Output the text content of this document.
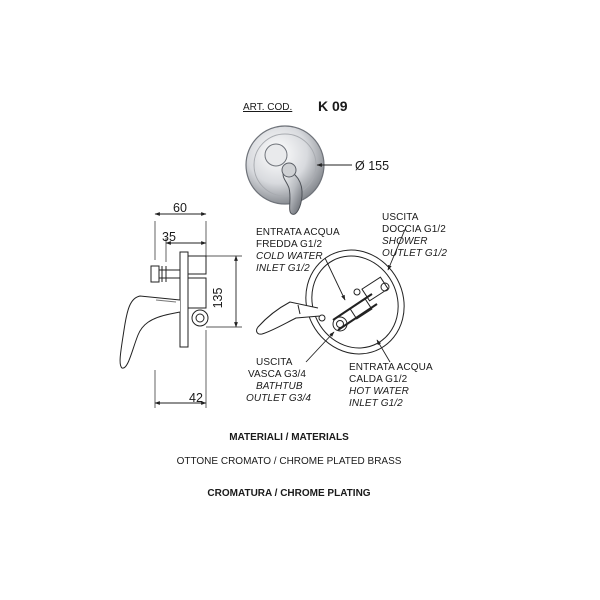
ART. COD. K 09
Ø 155
60
35
135
42
ENTRATA ACQUA
FREDDA G1/2
COLD WATER
INLET G1/2
USCITA
DOCCIA G1/2
SHOWER
OUTLET G1/2
USCITA
VASCA G3/4
BATHTUB
OUTLET G3/4
ENTRATA ACQUA
CALDA G1/2
HOT WATER
INLET G1/2
MATERIALI / MATERIALS
OTTONE CROMATO / CHROME PLATED BRASS
CROMATURA / CHROME PLATING
